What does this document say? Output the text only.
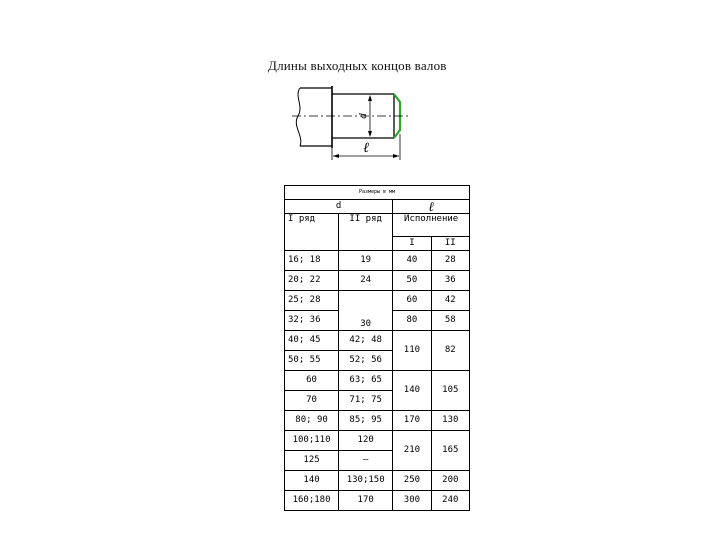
Длины выходных концов валов
d
ℓ
Размеры в мм			
d		ℓ	
I ряд	II ряд	Исполнение	
		I	II
16; 18	19	40	28
20; 22	24	50	36
25; 28	30	60	42
32; 36		80	58
40; 45	42; 48	110	82
50; 55	52; 56		
60	63; 65	140	105
70	71; 75		
80; 90	85; 95	170	130
100;110	120	210	165
125	–		
140	130;150	250	200
160;180	170	300	240
